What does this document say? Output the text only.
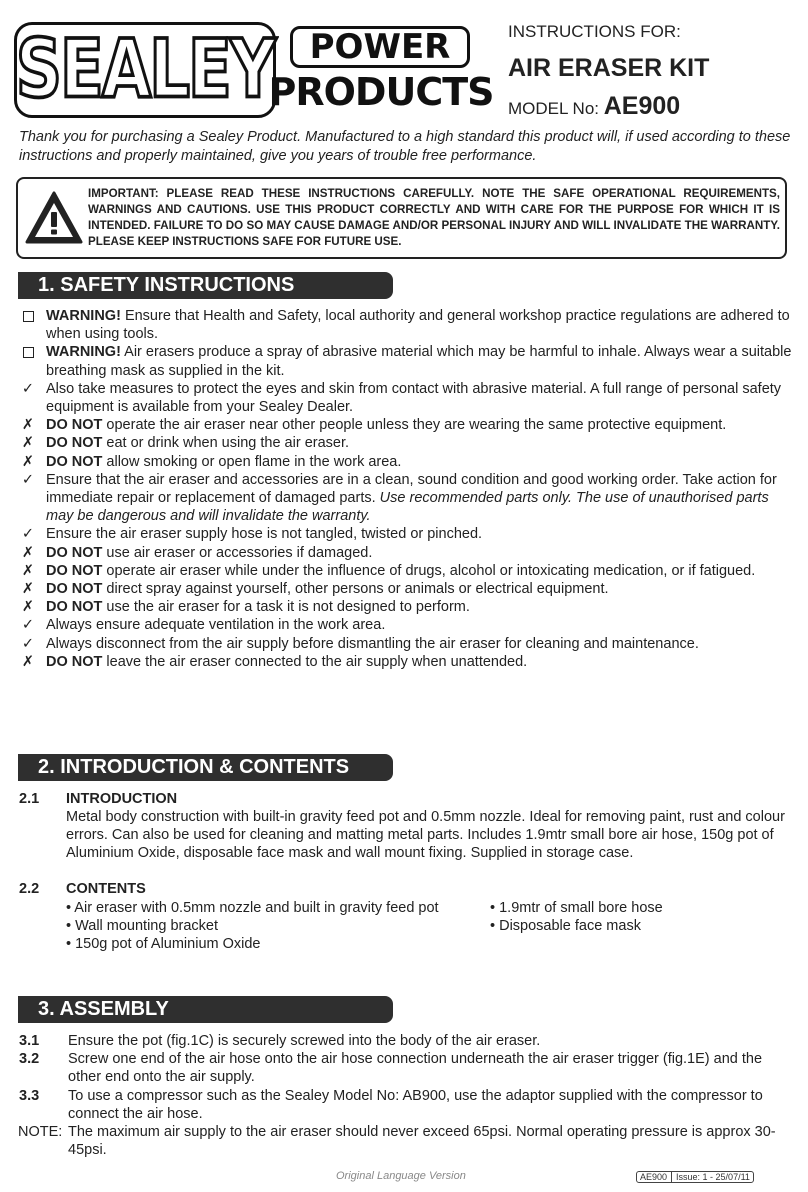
SEALEY POWER
PRODUCTS
INSTRUCTIONS FOR:
AIR ERASER KIT
MODEL No: AE900
Thank you for purchasing a Sealey Product. Manufactured to a high standard this product will, if used according to these instructions and properly maintained, give you years of trouble free performance.
IMPORTANT: PLEASE READ THESE INSTRUCTIONS CAREFULLY. NOTE THE SAFE OPERATIONAL REQUIREMENTS, WARNINGS AND CAUTIONS. USE THIS PRODUCT CORRECTLY AND WITH CARE FOR THE PURPOSE FOR WHICH IT IS INTENDED. FAILURE TO DO SO MAY CAUSE DAMAGE AND/OR PERSONAL INJURY AND WILL INVALIDATE THE WARRANTY. PLEASE KEEP INSTRUCTIONS SAFE FOR FUTURE USE.
1. SAFETY INSTRUCTIONS
WARNING! Ensure that Health and Safety, local authority and general workshop practice regulations are adhered to when using tools.
WARNING! Air erasers produce a spray of abrasive material which may be harmful to inhale. Always wear a suitable breathing mask as supplied in the kit.
✓ Also take measures to protect the eyes and skin from contact with abrasive material. A full range of personal safety equipment is available from your Sealey Dealer.
✗ DO NOT operate the air eraser near other people unless they are wearing the same protective equipment.
✗ DO NOT eat or drink when using the air eraser.
✗ DO NOT allow smoking or open flame in the work area.
✓ Ensure that the air eraser and accessories are in a clean, sound condition and good working order. Take action for immediate repair or replacement of damaged parts. Use recommended parts only. The use of unauthorised parts may be dangerous and will invalidate the warranty.
✓ Ensure the air eraser supply hose is not tangled, twisted or pinched.
✗ DO NOT use air eraser or accessories if damaged.
✗ DO NOT operate air eraser while under the influence of drugs, alcohol or intoxicating medication, or if fatigued.
✗ DO NOT direct spray against yourself, other persons or animals or electrical equipment.
✗ DO NOT use the air eraser for a task it is not designed to perform.
✓ Always ensure adequate ventilation in the work area.
✓ Always disconnect from the air supply before dismantling the air eraser for cleaning and maintenance.
✗ DO NOT leave the air eraser connected to the air supply when unattended.
2. INTRODUCTION & CONTENTS
2.1 INTRODUCTION
Metal body construction with built-in gravity feed pot and 0.5mm nozzle. Ideal for removing paint, rust and colour errors. Can also be used for cleaning and matting metal parts. Includes 1.9mtr small bore air hose, 150g pot of Aluminium Oxide, disposable face mask and wall mount fixing. Supplied in storage case.
2.2 CONTENTS
• Air eraser with 0.5mm nozzle and built in gravity feed pot
• Wall mounting bracket
• 150g pot of Aluminium Oxide
• 1.9mtr of small bore hose
• Disposable face mask
3. ASSEMBLY
3.1 Ensure the pot (fig.1C) is securely screwed into the body of the air eraser.
3.2 Screw one end of the air hose onto the air hose connection underneath the air eraser trigger (fig.1E) and the other end onto the air supply.
3.3 To use a compressor such as the Sealey Model No: AB900, use the adaptor supplied with the compressor to connect the air hose.
NOTE: The maximum air supply to the air eraser should never exceed 65psi. Normal operating pressure is approx 30-45psi.
Original Language Version	AE900 Issue: 1 - 25/07/11
